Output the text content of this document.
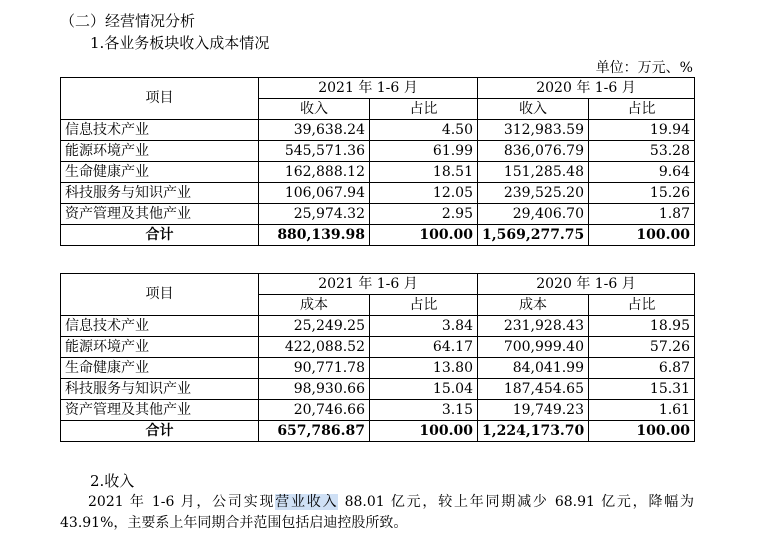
（二）经营情况分析
1.各业务板块收入成本情况
单位：万元、%
项目	2021 年 1-6 月		2020 年 1-6 月	
	收入	占比	收入	占比
信息技术产业	39,638.24	4.50	312,983.59	19.94
能源环境产业	545,571.36	61.99	836,076.79	53.28
生命健康产业	162,888.12	18.51	151,285.48	9.64
科技服务与知识产业	106,067.94	12.05	239,525.20	15.26
资产管理及其他产业	25,974.32	2.95	29,406.70	1.87
合计	880,139.98	100.00	1,569,277.75	100.00
项目	2021 年 1-6 月		2020 年 1-6 月	
	成本	占比	成本	占比
信息技术产业	25,249.25	3.84	231,928.43	18.95
能源环境产业	422,088.52	64.17	700,999.40	57.26
生命健康产业	90,771.78	13.80	84,041.99	6.87
科技服务与知识产业	98,930.66	15.04	187,454.65	15.31
资产管理及其他产业	20,746.66	3.15	19,749.23	1.61
合计	657,786.87	100.00	1,224,173.70	100.00
2.收入

2021 年 1-6 月，公司实现营业收入 88.01 亿元，较上年同期减少 68.91 亿元，降幅为

43.91%，主要系上年同期合并范围包括启迪控股所致。
